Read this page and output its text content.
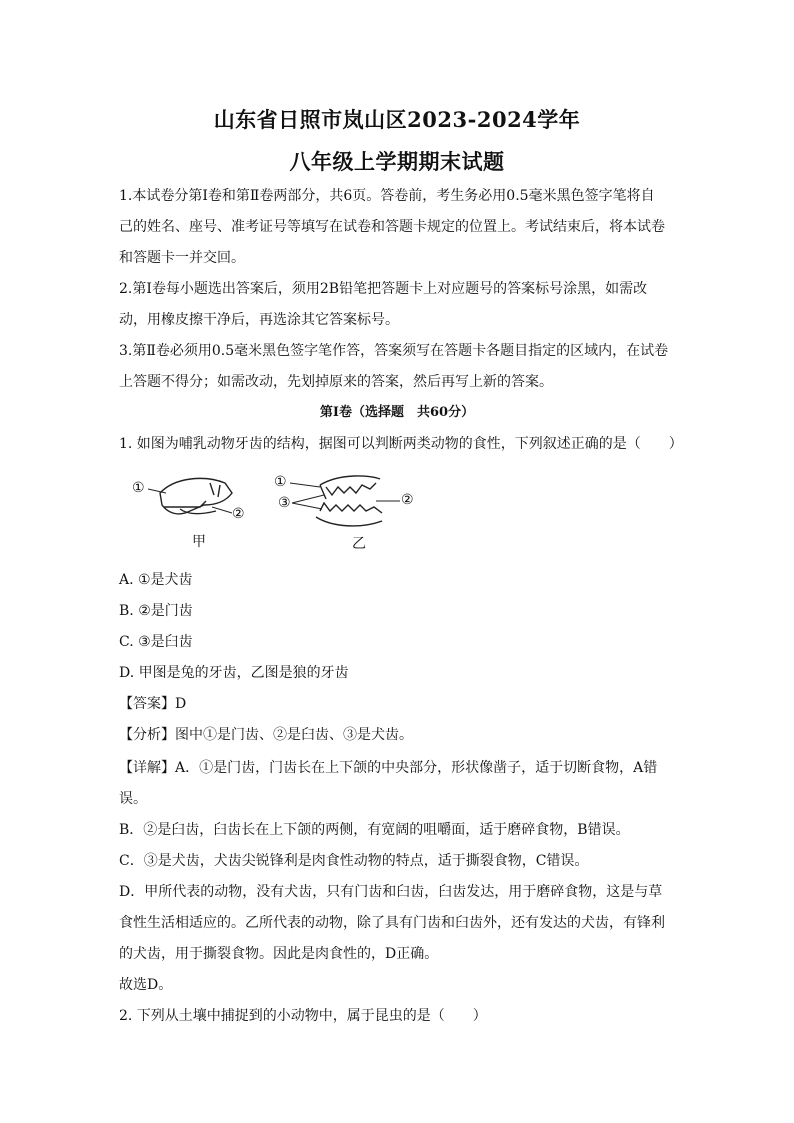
山东省日照市岚山区2023-2024学年
八年级上学期期末试题
1.本试卷分第Ⅰ卷和第Ⅱ卷两部分，共6页。答卷前，考生务必用0.5毫米黑色签字笔将自
己的姓名、座号、准考证号等填写在试卷和答题卡规定的位置上。考试结束后，将本试卷
和答题卡一并交回。
2.第Ⅰ卷每小题选出答案后，须用2B铅笔把答题卡上对应题号的答案标号涂黑，如需改
动，用橡皮擦干净后，再选涂其它答案标号。
3.第Ⅱ卷必须用0.5毫米黑色签字笔作答，答案须写在答题卡各题目指定的区域内，在试卷
上答题不得分；如需改动，先划掉原来的答案，然后再写上新的答案。
第Ⅰ卷（选择题　共60分）
1. 如图为哺乳动物牙齿的结构，据图可以判断两类动物的食性，下列叙述正确的是（　　）
①
②
①
③	②
甲	乙
A. ①是犬齿
B. ②是门齿
C. ③是臼齿
D. 甲图是兔的牙齿，乙图是狼的牙齿
【答案】D
【分析】图中①是门齿、②是臼齿、③是犬齿。
【详解】A．①是门齿，门齿长在上下颌的中央部分，形状像凿子，适于切断食物，A错
误。
B．②是臼齿，臼齿长在上下颌的两侧，有宽阔的咀嚼面，适于磨碎食物，B错误。
C．③是犬齿，犬齿尖锐锋利是肉食性动物的特点，适于撕裂食物，C错误。
D．甲所代表的动物，没有犬齿，只有门齿和臼齿，臼齿发达，用于磨碎食物，这是与草
食性生活相适应的。乙所代表的动物，除了具有门齿和臼齿外，还有发达的犬齿，有锋利
的犬齿，用于撕裂食物。因此是肉食性的，D正确。
故选D。
2. 下列从土壤中捕捉到的小动物中，属于昆虫的是（　　）
